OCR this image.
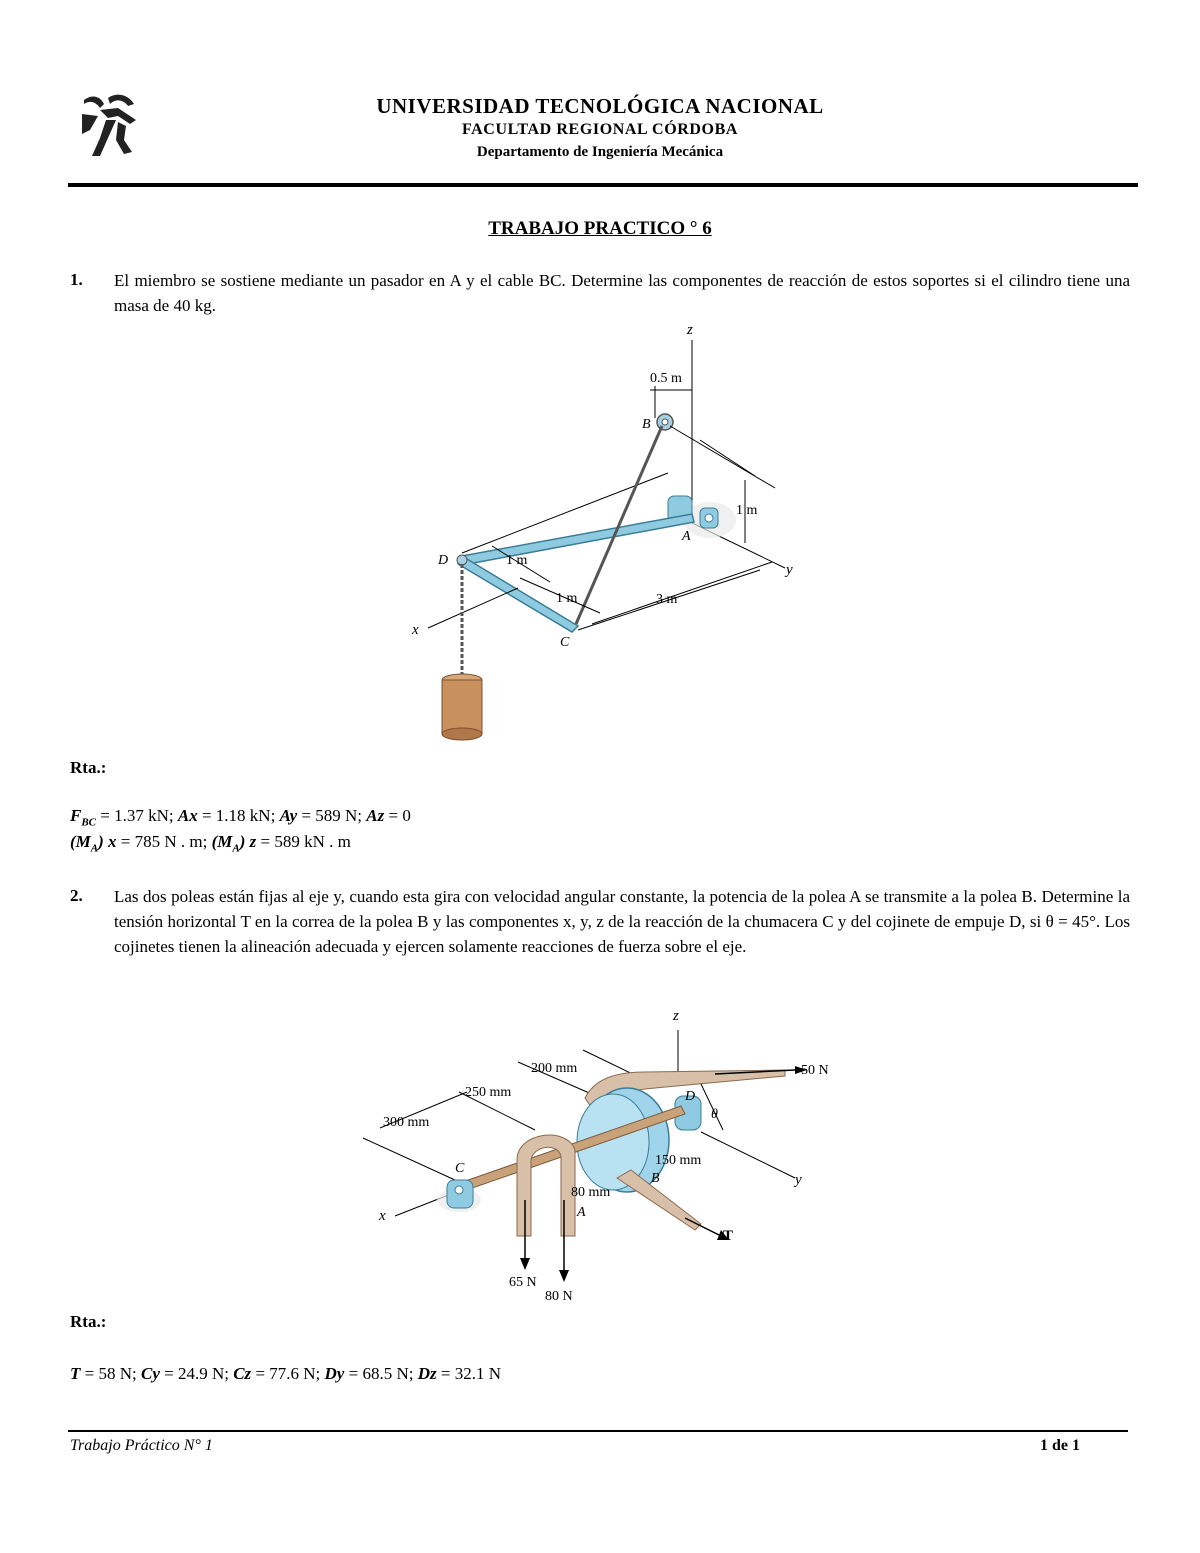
UNIVERSIDAD TECNOLÓGICA NACIONAL
FACULTAD REGIONAL CÓRDOBA
Departamento de Ingeniería Mecánica
TRABAJO PRACTICO ° 6
1. El miembro se sostiene mediante un pasador en A y el cable BC. Determine las componentes de reacción de estos soportes si el cilindro tiene una masa de 40 kg.
z
0.5 m
B
1 m
y
A
D	1 m
1 m	3 m
x
C
Rta.:
$F_{BC} = 1.37$ kN; Ax = 1.18 kN; Ay = 589 N; Az = 0
$(M_A) x = 785$ N . m; $(M_A) z = 589$ kN . m
2. Las dos poleas están fijas al eje y, cuando esta gira con velocidad angular constante, la potencia de la polea A se transmite a la polea B. Determine la tensión horizontal T en la correa de la polea B y las componentes x, y, z de la reacción de la chumacera C y del cojinete de empuje D, si θ = 45°. Los cojinetes tienen la alineación adecuada y ejercen solamente reacciones de fuerza sobre el eje.
z
200 mm
250 mm
300 mm
50 N
T
D
θ
150 mm
B	y
x
C
80 mm
A
65 N
80 N
Rta.:
T = 58 N; Cy = 24.9 N; Cz = 77.6 N; Dy = 68.5 N; Dz = 32.1 N
Trabajo Práctico N° 1	1 de 1
